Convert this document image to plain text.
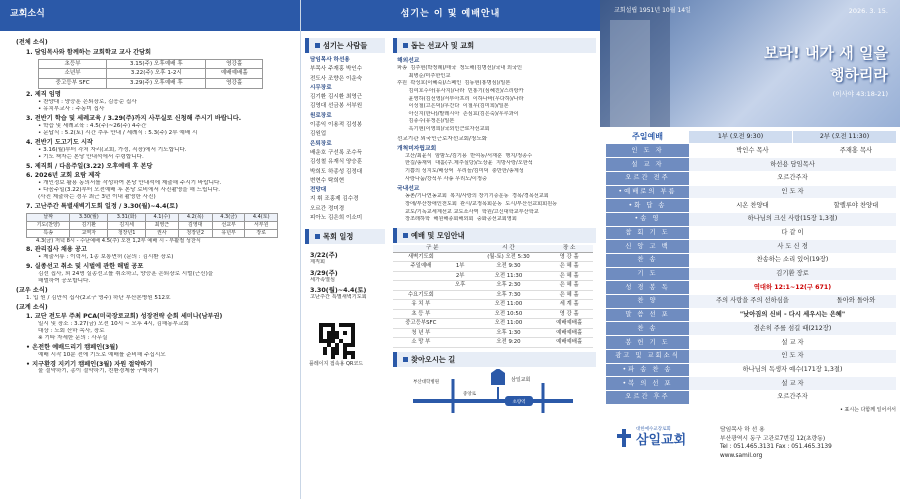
교회소식
(전체 소식)
1. 담임목사와 함께하는 교회학교 교사 간담회
초등부	3.15(주) 오후예배 후	영강홀
소년부	3.22(주) 오후 1-2시	예배예배홀
중고등부 SFC	3.29(주) 오후예배 후	영강홀
2. 제직 임명
• 찬양대 : 양승훈 은퇴장로, 김응순 집사
• 유치부교사 : 주동미 집사
3. 전반기 학습 및 세례교육 / 3.29(주)까지 사무실로 신청해 주시기 바랍니다.
• 학습 및 세례교육 : 4.5(주)~26(주) 4주간
• 문답식 : 5.2(토) 시간 추후 안내 / 세례식 : 5.3(주) 2부 예배 시
4. 전반기 도고기도 시작
• 3.16(월)부터 각처 자리(교회, 가정, 직장)에서 기도합니다.
• 기도 책자는 본당 안내석에서 수령합니다.
5. 제직회 / 다음주일(3.22) 오후예배 후 본당
6. 2026년 교회 요람 제작
• 개인정보 활용 동의서를 작성하여 본당 안내석에 제출해 주시기 바랍니다.
• 다음주일(3.22)부터 오전예배 후 본당 로비에서 사진촬영을 해 드립니다.
(사진 제출하는 경우 최근 3년 이내 촬영한 사진)
7. 고난주간 특별새벽기도회 일정 / 3.30(월)~4.4(토)
날짜	3.30(월)	3.31(화)	4.1(수)	4.2(목)	4.3(금)	4.4(토)
기도(찬양)	김기환	김지세	최영근	김영대	선교부	서부원
특송	교역자	청장년1	권사	청장년2	유년부	장로
4.3(금) 저녁 8시 - 수난예배 4.5(주) 오전 1,2부 예배 시 - 부활절 성찬식
8. 관리집사 채용 공고
• 제출서류 : 이력서, 1종 보통면허 (문의 : 김시환 장로)
9. 실종선고 취소 및 시벌에 관한 해벌 공포
김선 집사, 외 24명 실종선고를 취소하고, 양승훈 은퇴장로 시벌(근신)을
해벌하여 공포합니다.
(교우 소식)
1. 입 원 / 김만석 집사(2교구 영주) 하단 부산본병원 512호
(교계 소식)
1. 교단 전도부 주최 PCA(미국장로교회) 성장전략 순회 세미나(남부권)
일시 및 장소 : 3.27(금) 오전 10시 ~ 오후 4시, 김해동부교회
대상 : 노회 산하 목사, 장로
※ 기타 자세한 문의 : 사무실
• 온전한 예배드리기 캠페인(3월)
예배 시작 10분 전에 기도로 예배를 준비해 주십시오
• 지구환경 지키기 캠페인(3월) 자원 절약하기
물 절약하기, 종이 절약하기, 친환경제품 구매하기
섬기는 이 및 예배안내
섬기는 사람들
담임목사 하선용
부목사 주재홍 박인수
전도사 조향은 이운숙
시무장로
김기환 김시환 최영근
김영대 선금봉 서부원
원로장로
이종익 이용적 김성봉
김원업
은퇴장로
배운호 구선록 조수득
김성철 유재식 양승훈
박희도 하종성 김정대
변현수 탁희현
전망대
지 휘 조홍제 김수경
오르간 정미경
피아노 김은희 이소미
목회 일정
3/22(주)
제직회
3/29(주)
세가족열심
3.30(월)~4.4(토)
고난주간 특별새벽기도회
플레이지 접속용 QR코드
돕는 선교사 및 교회
해외선교
파송  김주현(박정례)/태국  정노해(김명선)/국내 외국인
최병순/미주한인교
후원  곽성호(이혜숙)/스페인  김동현(홍명심)/일본
김여호수아(유사지)/나라  민홍기(심혜진)/스리랑카
윤영하(김선영)/서부아프리  이하나바(우다하)/나라
이성철(고은덕)/우간다  이철우(김미희)/일본
아신지(한나)/말레시아  손심효(김은숙)/우루과이
김종수(유정은)/일본
옥기현(이영희)/국외인근로자선교회
선교기관 외국인근로자선교회/청노화
개척미자립교회
고산/최윤식  암밤노/김기용  반여동/서재훈  행지/정종수
한길/송재익  대홀(구.제주실당)/노상윤  지방사랑/오한석
기쁨의 성지도/배상억  우리들/김미덕  충만한/송계성
사랑나눔/강석우 사송 우리노/이정중
국내선교
농촌/기나연농교회  복지/사랑의 장기기증운동  경목/경목선교회
장애/부산장애인전도회  관시/교정목회운동  도시/부산선교회회원등
교도/기독교세계선교 교도소사역  학원/고신대학교부산학교
장조래하학  해원해종회해외회  중화공선교회영회
예배 및 모임안내
구 분		시 간	장 소
새벽기도회		(월-토) 오전 5:30	영 강 홀
주일예배	1부	오전 9:30	은 혜 홀
	2부	오전 11:30	은 혜 홀
	오후	오후 2:30	은 혜 홀
수요기도회		오후 7:30	은 혜 홀
유 치 부		오전 11:00	세 계 홀
초 등 부		오전 10:50	영 강 홀
중고등부SFC		오전 11:00	예배예배홀
청 년 부		오후 1:30	예배예배홀
소 망 부		오전 9:20	예배예배홀
찾아오시는 길
초량역
삼일교회
부산대학병원
중앙로
교회설립 1951년 10월 14일	2026. 3. 15.
보라! 내가 새 일을
행하리라
(이사야 43:18-21)
주일예배	1부 (오전 9:30)	2부 (오전 11:30)
인 도 자	박인수 목사	주재홍 목사
설 교 자	하선용 담임목사	
오르간 전주	오르간주자	
•예배로의 부름	인 도 자	
•화 답 송	시온 찬양대	할렐루야 찬양대
•송 영	하나님의 크신 사랑(15장 1,3절)	
참 회 기 도	다 같 이	
신 앙 고 백	사 도 신 경	
찬 송	찬송하는 소리 있어(19장)	
기 도	김기환 장로	
성 경 봉 독	역대하 12:1~12(구 671)	
찬 양	주의 사랑을 주의 선하심을	돌아와 돌아와
말 씀 선 포	"낮아짐의 신비 - 다시 세우시는 은혜"	
찬 송	겸손히 주를 섬길 때(212장)	
봉 헌 기 도	설 교 자	
광고 및 교회소식	인 도 자	
•파 송 찬 송	하나님의 독생자 예수(171장 1,3절)	
•복 의 선 포	설 교 자	
오르간 후주	오르간주자	
• 표시는 다함께 일어서서
대한예수교장로회
삼일교회
담임목사 하 선 용
부산광역시 동구 고관로7번길 12(초량동)
Tel : 051.465.3131 Fax : 051.465.3139
www.samil.org
